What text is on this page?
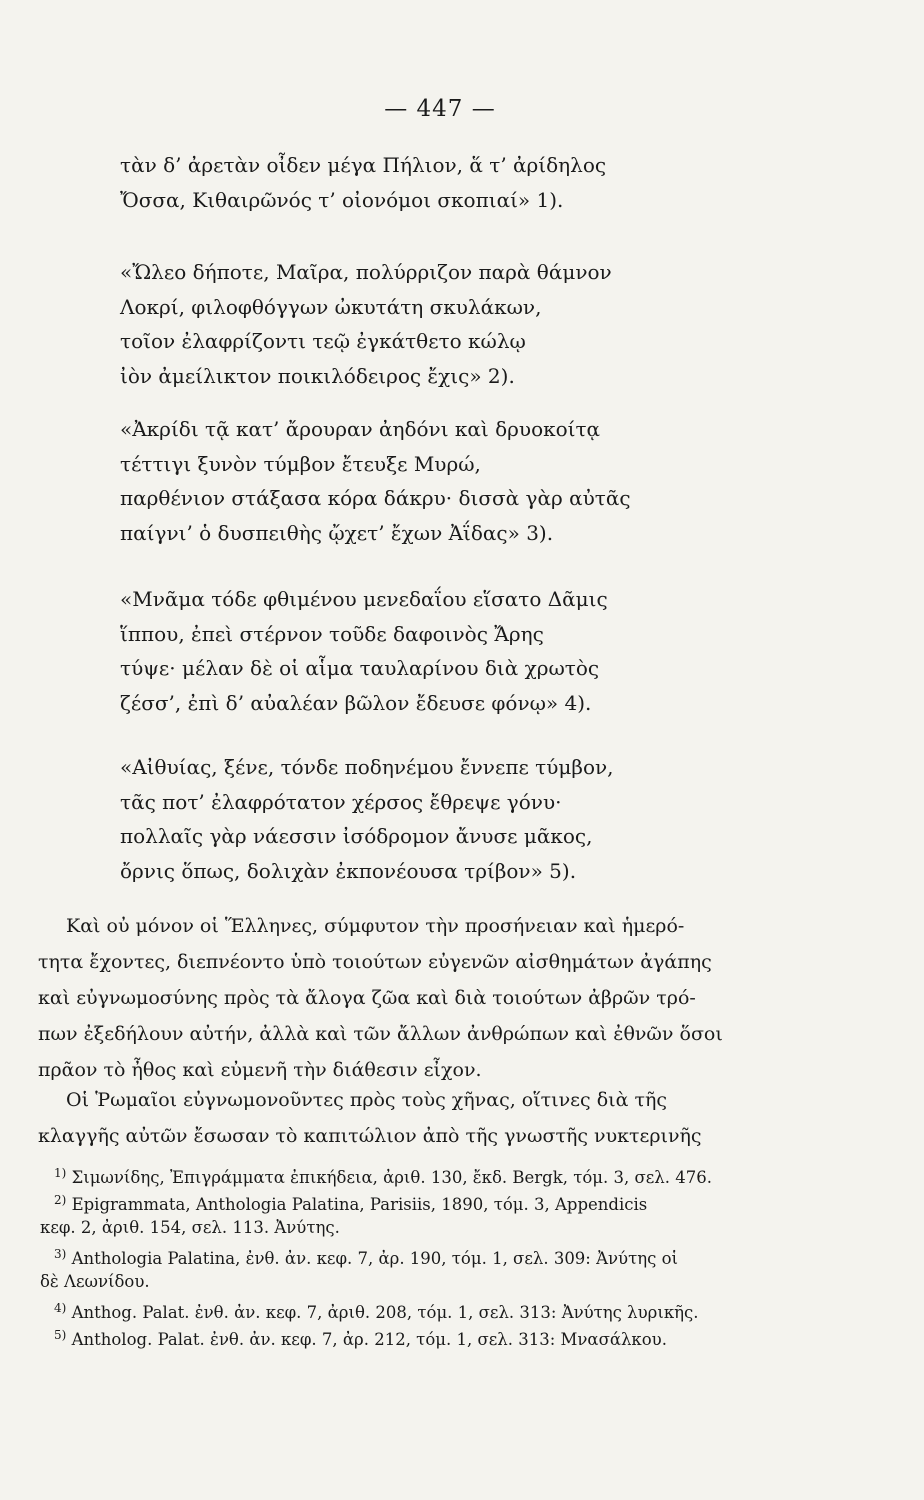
— 447 —
τὰν δ’ ἀρετὰν οἶδεν μέγα Πήλιον, ἅ τ’ ἀρίδηλος
Ὄσσα, Κιθαιρῶνός τ’ οἰονόμοι σκοπιαί» 1).
«Ὤλεο δήποτε, Μαῖρα, πολύρριζον παρὰ θάμνον
Λοκρί, φιλοφθόγγων ὠκυτάτη σκυλάκων,
τοῖον ἐλαφρίζοντι τεῷ ἐγκάτθετο κώλῳ
ἰὸν ἀμείλικτον ποικιλόδειρος ἔχις» 2).
«Ἀκρίδι τᾷ κατ’ ἄρουραν ἀηδόνι καὶ δρυοκοίτᾳ
τέττιγι ξυνὸν τύμβον ἔτευξε Μυρώ,
παρθένιον στάξασα κόρα δάκρυ· δισσὰ γὰρ αὐτᾶς
παίγνι’ ὁ δυσπειθὴς ᾤχετ’ ἔχων Ἀΐδας» 3).
«Μνᾶμα τόδε φθιμένου μενεδαΐου εἵσατο Δᾶμις
ἵππου, ἐπεὶ στέρνον τοῦδε δαφοινὸς Ἄρης
τύψε· μέλαν δὲ οἱ αἷμα ταυλαρίνου διὰ χρωτὸς
ζέσσ’, ἐπὶ δ’ αὐαλέαν βῶλον ἔδευσε φόνῳ» 4).
«Αἰθυίας, ξένε, τόνδε ποδηνέμου ἔννεπε τύμβον,
τᾶς ποτ’ ἐλαφρότατον χέρσος ἔθρεψε γόνυ·
πολλαῖς γὰρ νάεσσιν ἰσόδρομον ἄνυσε μᾶκος,
ὄρνις ὅπως, δολιχὰν ἐκπονέουσα τρίβον» 5).
Καὶ οὐ μόνον οἱ Ἕλληνες, σύμφυτον τὴν προσήνειαν καὶ ἡμερό-
τητα ἔχοντες, διεπνέοντο ὑπὸ τοιούτων εὐγενῶν αἰσθημάτων ἀγάπης
καὶ εὐγνωμοσύνης πρὸς τὰ ἄλογα ζῶα καὶ διὰ τοιούτων ἀβρῶν τρό-
πων ἐξεδήλουν αὐτήν, ἀλλὰ καὶ τῶν ἄλλων ἀνθρώπων καὶ ἐθνῶν ὅσοι
πρᾶον τὸ ἦθος καὶ εὐμενῆ τὴν διάθεσιν εἶχον.
Οἱ Ῥωμαῖοι εὐγνωμονοῦντες πρὸς τοὺς χῆνας, οἵτινες διὰ τῆς
κλαγγῆς αὐτῶν ἔσωσαν τὸ καπιτώλιον ἀπὸ τῆς γνωστῆς νυκτερινῆς
$^{1)}$ Σιμωνίδης, Ἐπιγράμματα ἐπικήδεια, ἀριθ. 130, ἔκδ. Bergk, τόμ. 3, σελ. 476.
$^{2)}$ Epigrammata, Anthologia Palatina, Parisiis, 1890, τόμ. 3, Appendicis
κεφ. 2, ἀριθ. 154, σελ. 113. Ἀνύτης.
$^{3)}$ Anthologia Palatina, ἐνθ. ἀν. κεφ. 7, ἀρ. 190, τόμ. 1, σελ. 309: Ἀνύτης οἱ
δὲ Λεωνίδου.
$^{4)}$ Anthog. Palat. ἐνθ. ἀν. κεφ. 7, ἀριθ. 208, τόμ. 1, σελ. 313: Ἀνύτης λυρικῆς.
$^{5)}$ Antholog. Palat. ἐνθ. ἀν. κεφ. 7, ἀρ. 212, τόμ. 1, σελ. 313: Μνασάλκου.
